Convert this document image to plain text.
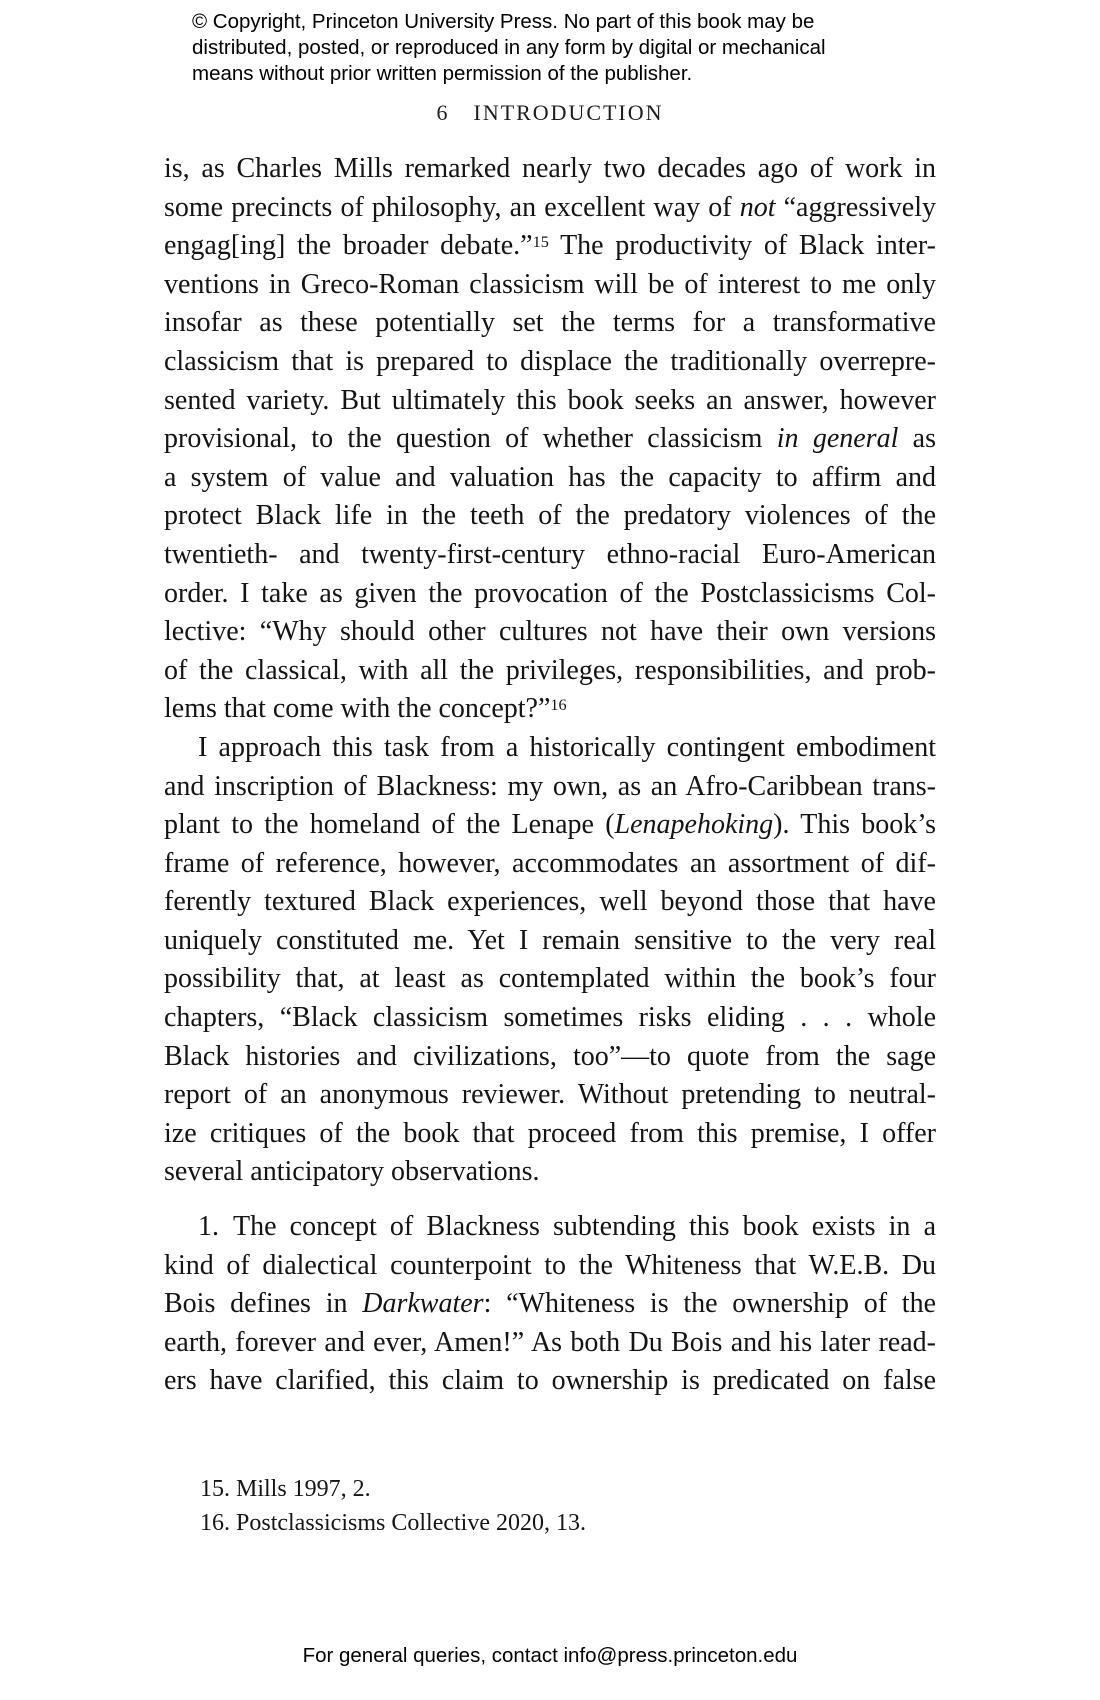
© Copyright, Princeton University Press. No part of this book may be
distributed, posted, or reproduced in any form by digital or mechanical
means without prior written permission of the publisher.
6 INTRODUCTION
is, as Charles Mills remarked nearly two decades ago of work in
some precincts of philosophy, an excellent way of not “aggressively
engag[ing] the broader debate.”$^{15}$ The productivity of Black inter-
ventions in Greco-Roman classicism will be of interest to me only
insofar as these potentially set the terms for a transformative
classicism that is prepared to displace the traditionally overrepre-
sented variety. But ultimately this book seeks an answer, however
provisional, to the question of whether classicism in general as
a system of value and valuation has the capacity to affirm and
protect Black life in the teeth of the predatory violences of the
twentieth- and twenty-first-century ethno-racial Euro-American
order. I take as given the provocation of the Postclassicisms Col-
lective: “Why should other cultures not have their own versions
of the classical, with all the privileges, responsibilities, and prob-
lems that come with the concept?”$^{16}$
I approach this task from a historically contingent embodiment
and inscription of Blackness: my own, as an Afro-Caribbean trans-
plant to the homeland of the Lenape (Lenapehoking). This book’s
frame of reference, however, accommodates an assortment of dif-
ferently textured Black experiences, well beyond those that have
uniquely constituted me. Yet I remain sensitive to the very real
possibility that, at least as contemplated within the book’s four
chapters, “Black classicism sometimes risks eliding . . . whole
Black histories and civilizations, too”—to quote from the sage
report of an anonymous reviewer. Without pretending to neutral-
ize critiques of the book that proceed from this premise, I offer
several anticipatory observations.
1. The concept of Blackness subtending this book exists in a
kind of dialectical counterpoint to the Whiteness that W.E.B. Du
Bois defines in Darkwater: “Whiteness is the ownership of the
earth, forever and ever, Amen!” As both Du Bois and his later read-
ers have clarified, this claim to ownership is predicated on false
15. Mills 1997, 2.
16. Postclassicisms Collective 2020, 13.
For general queries, contact info@press.princeton.edu
